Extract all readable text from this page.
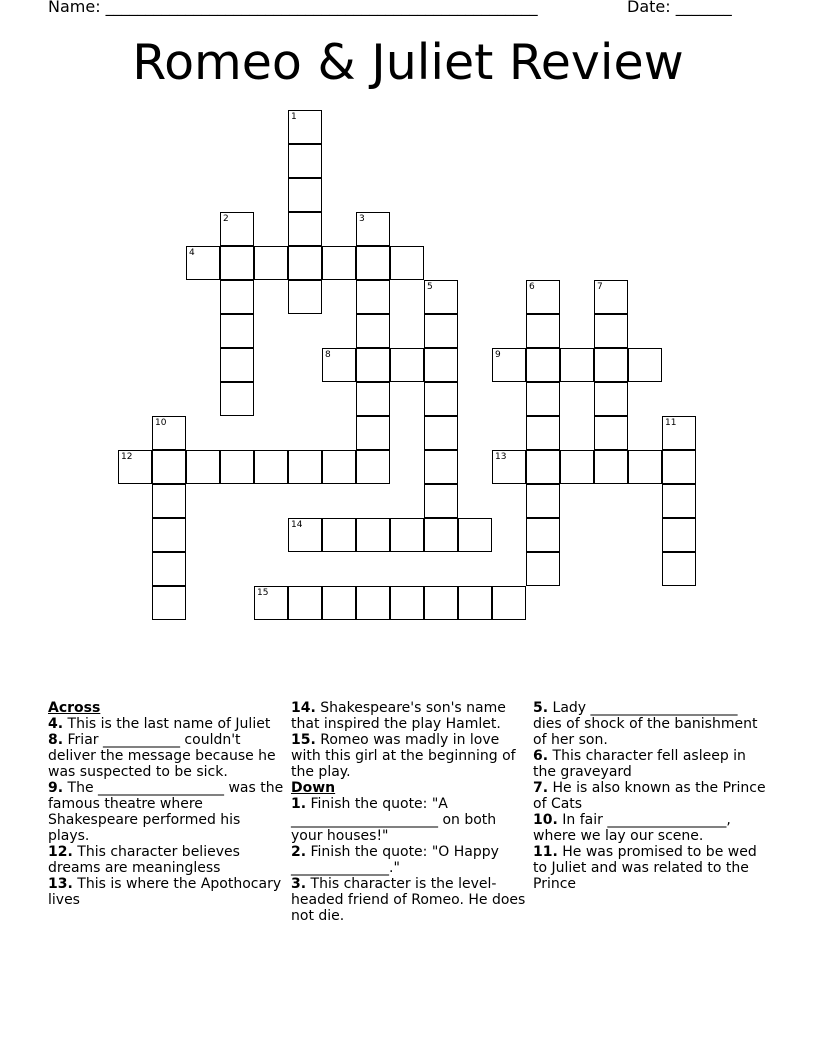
Name: ______________________________________________________	Date: _______
Romeo & Juliet Review
1
2	3
4
5	6	7
8	9
10	11
12	13
14
15

Across

4. This is the last name of Juliet

8. Friar ___________ couldn't deliver the message because he was suspected to be sick.

9. The __________________ was the famous theatre where Shakespeare performed his plays.

12. This character believes dreams are meaningless

13. This is where the Apothocary lives

14. Shakespeare's son's name that inspired the play Hamlet.

15. Romeo was madly in love with this girl at the beginning of the play.

Down

1. Finish the quote: "A _____________________ on both your houses!"

2. Finish the quote: "O Happy ______________."

3. This character is the level-headed friend of Romeo. He does not die.

5. Lady _____________________ dies of shock of the banishment of her son.

6. This character fell asleep in the graveyard

7. He is also known as the Prince of Cats

10. In fair _________________, where we lay our scene.

11. He was promised to be wed to Juliet and was related to the Prince
